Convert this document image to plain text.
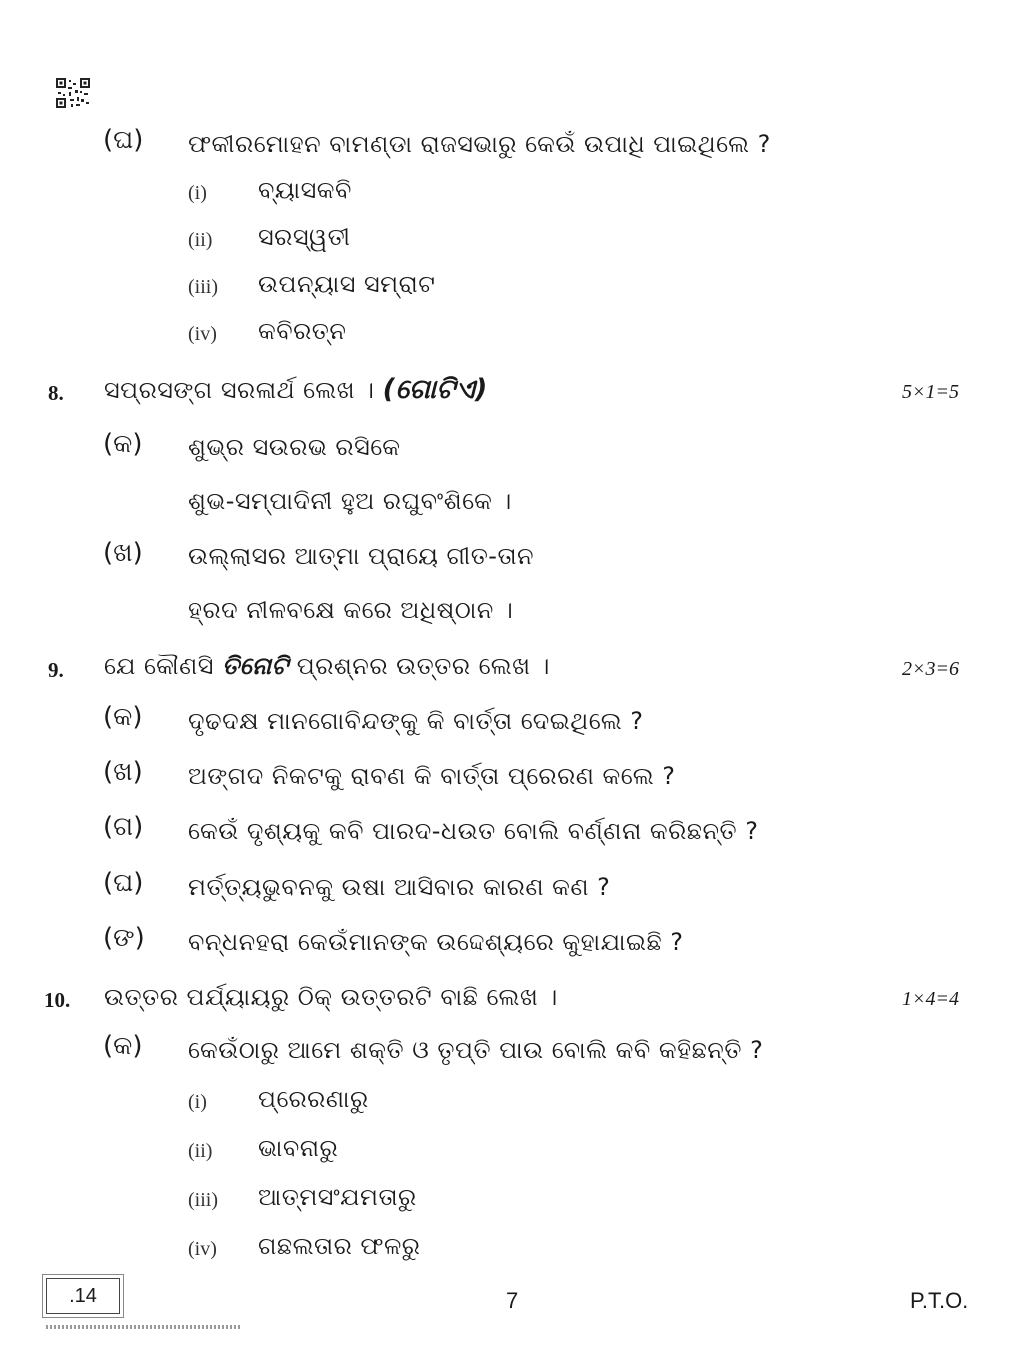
(ଘ) ଫକୀରମୋହନ ବାମଣ୍ଡା ରାଜସଭାରୁ କେଉଁ ଉପାଧି ପାଇଥିଲେ ?
(i) ବ୍ୟାସକବି
(ii) ସରସ୍ୱତୀ
(iii) ଉପନ୍ୟାସ ସମ୍ରାଟ
(iv) କବିରତ୍ନ
8. ସପ୍ରସଙ୍ଗ ସରଳାର୍ଥ ଲେଖ । (ଗୋଟିଏ)	5×1=5
(କ) ଶୁଭ୍ର ସଉରଭ ରସିକେ
ଶୁଭ-ସମ୍ପାଦିନୀ ହୁଅ ରଘୁବଂଶିକେ ।
(ଖ) ଉଲ୍ଲାସର ଆତ୍ମା ପ୍ରାୟେ ଗୀତ-ତାନ
ହ୍ରଦ ନୀଳବକ୍ଷେ କରେ ଅଧିଷ୍ଠାନ ।
9. ଯେ କୌଣସି ତିନୋଟି ପ୍ରଶ୍ନର ଉତ୍ତର ଲେଖ ।	2×3=6
(କ) ଦୃଢଦକ୍ଷ ମାନଗୋବିନ୍ଦଙ୍କୁ କି ବାର୍ତ୍ତା ଦେଇଥିଲେ ?
(ଖ) ଅଙ୍ଗଦ ନିକଟକୁ ରାବଣ କି ବାର୍ତ୍ତା ପ୍ରେରଣ କଲେ ?
(ଗ) କେଉଁ ଦୃଶ୍ୟକୁ କବି ପାରଦ-ଧଉତ ବୋଲି ବର୍ଣ୍ଣନା କରିଛନ୍ତି ?
(ଘ) ମର୍ତ୍ତ୍ୟଭୁବନକୁ ଉଷା ଆସିବାର କାରଣ କଣ ?
(ଙ) ବନ୍ଧନହରା କେଉଁମାନଙ୍କ ଉଦ୍ଦେଶ୍ୟରେ କୁହାଯାଇଛି ?
10. ଉତ୍ତର ପର୍ଯ୍ୟାୟରୁ ଠିକ୍ ଉତ୍ତରଟି ବାଛି ଲେଖ ।	1×4=4
(କ) କେଉଁଠାରୁ ଆମେ ଶକ୍ତି ଓ ତୃପ୍ତି ପାଉ ବୋଲି କବି କହିଛନ୍ତି ?
(i) ପ୍ରେରଣାରୁ
(ii) ଭାବନାରୁ
(iii) ଆତ୍ମସଂଯମତାରୁ
(iv) ଗଛଲତାର ଫଳରୁ
.14	7	P.T.O.
